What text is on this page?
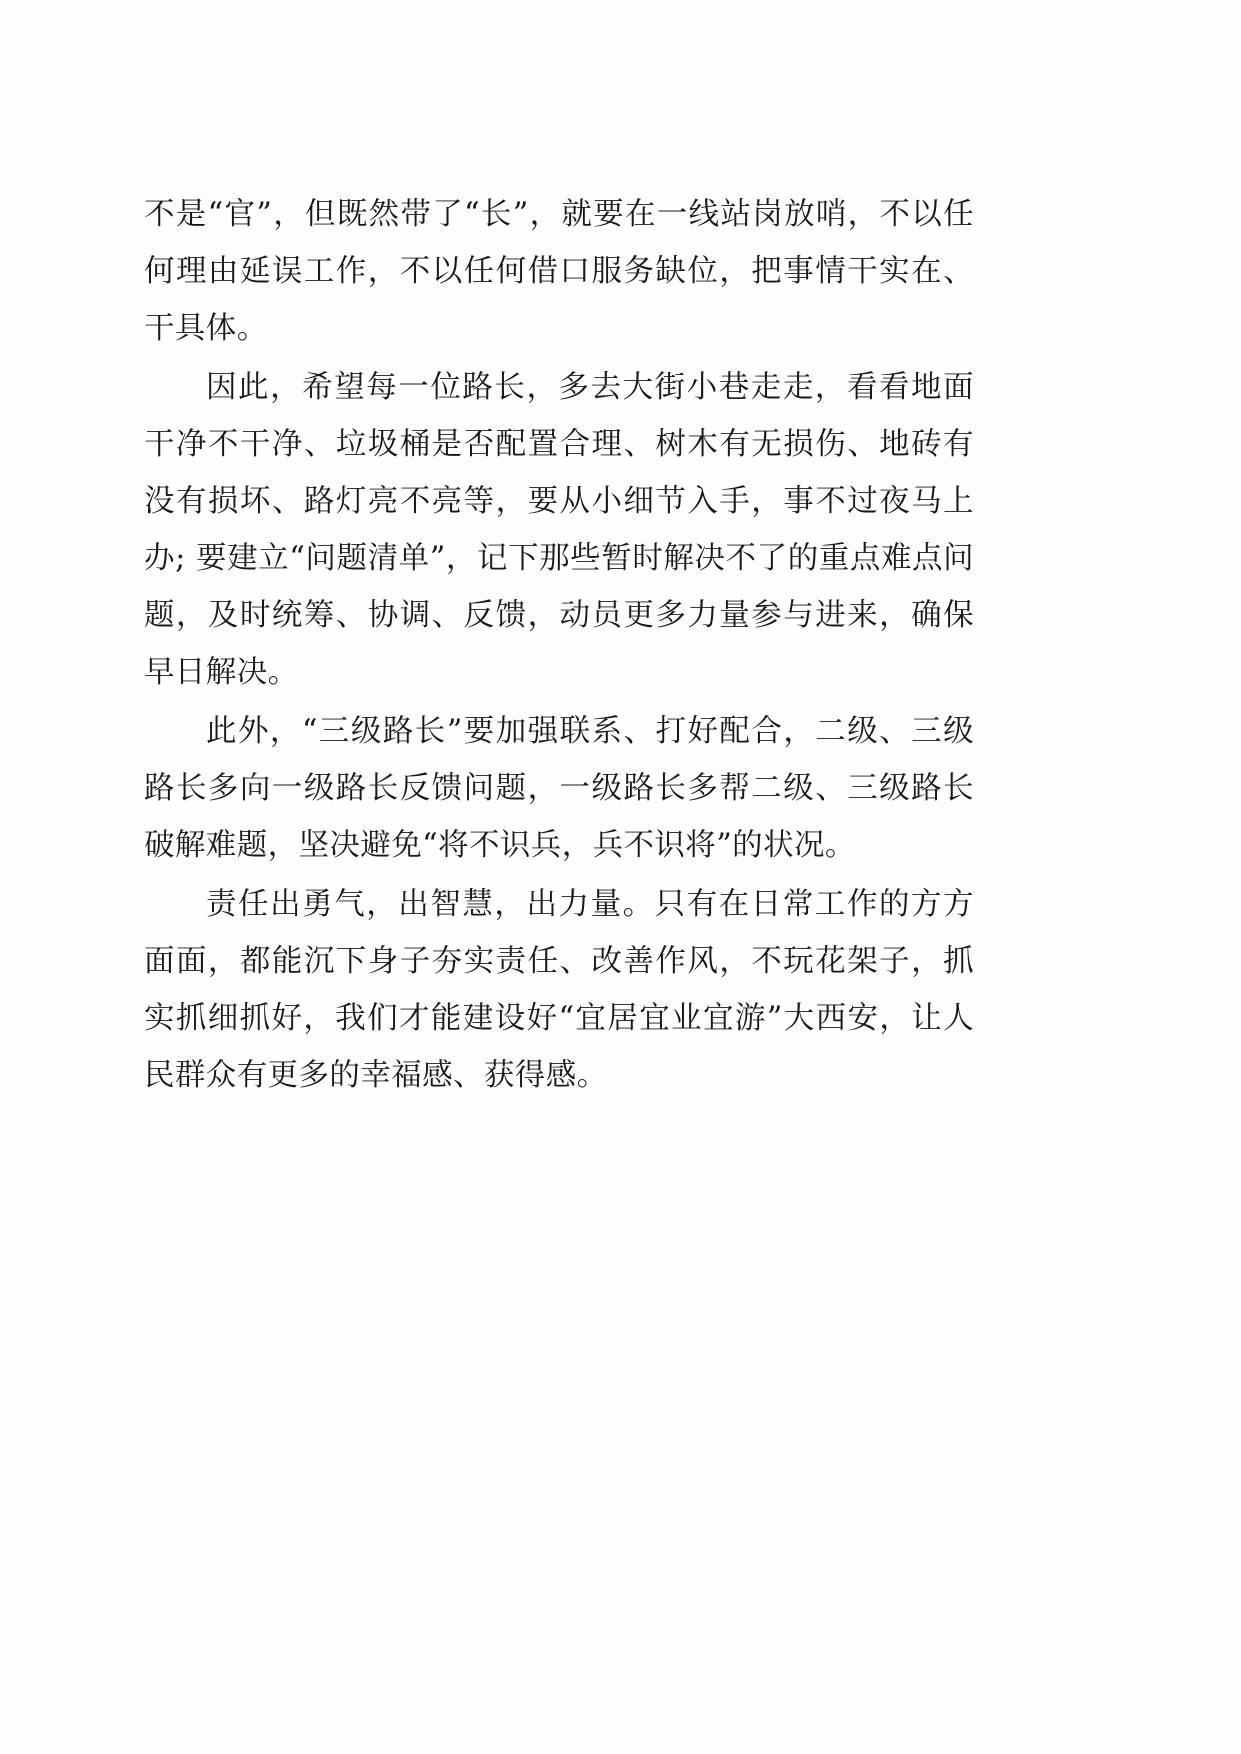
不是“官”，但既然带了“长”，就要在一线站岗放哨，不以任何理由延误工作，不以任何借口服务缺位，把事情干实在、干具体。

因此，希望每一位路长，多去大街小巷走走，看看地面干净不干净、垃圾桶是否配置合理、树木有无损伤、地砖有没有损坏、路灯亮不亮等，要从小细节入手，事不过夜马上办; 要建立“问题清单”，记下那些暂时解决不了的重点难点问题，及时统筹、协调、反馈，动员更多力量参与进来，确保早日解决。

此外，“三级路长”要加强联系、打好配合，二级、三级路长多向一级路长反馈问题，一级路长多帮二级、三级路长破解难题，坚决避免“将不识兵，兵不识将”的状况。

责任出勇气，出智慧，出力量。只有在日常工作的方方面面，都能沉下身子夯实责任、改善作风，不玩花架子，抓实抓细抓好，我们才能建设好“宜居宜业宜游”大西安，让人民群众有更多的幸福感、获得感。
